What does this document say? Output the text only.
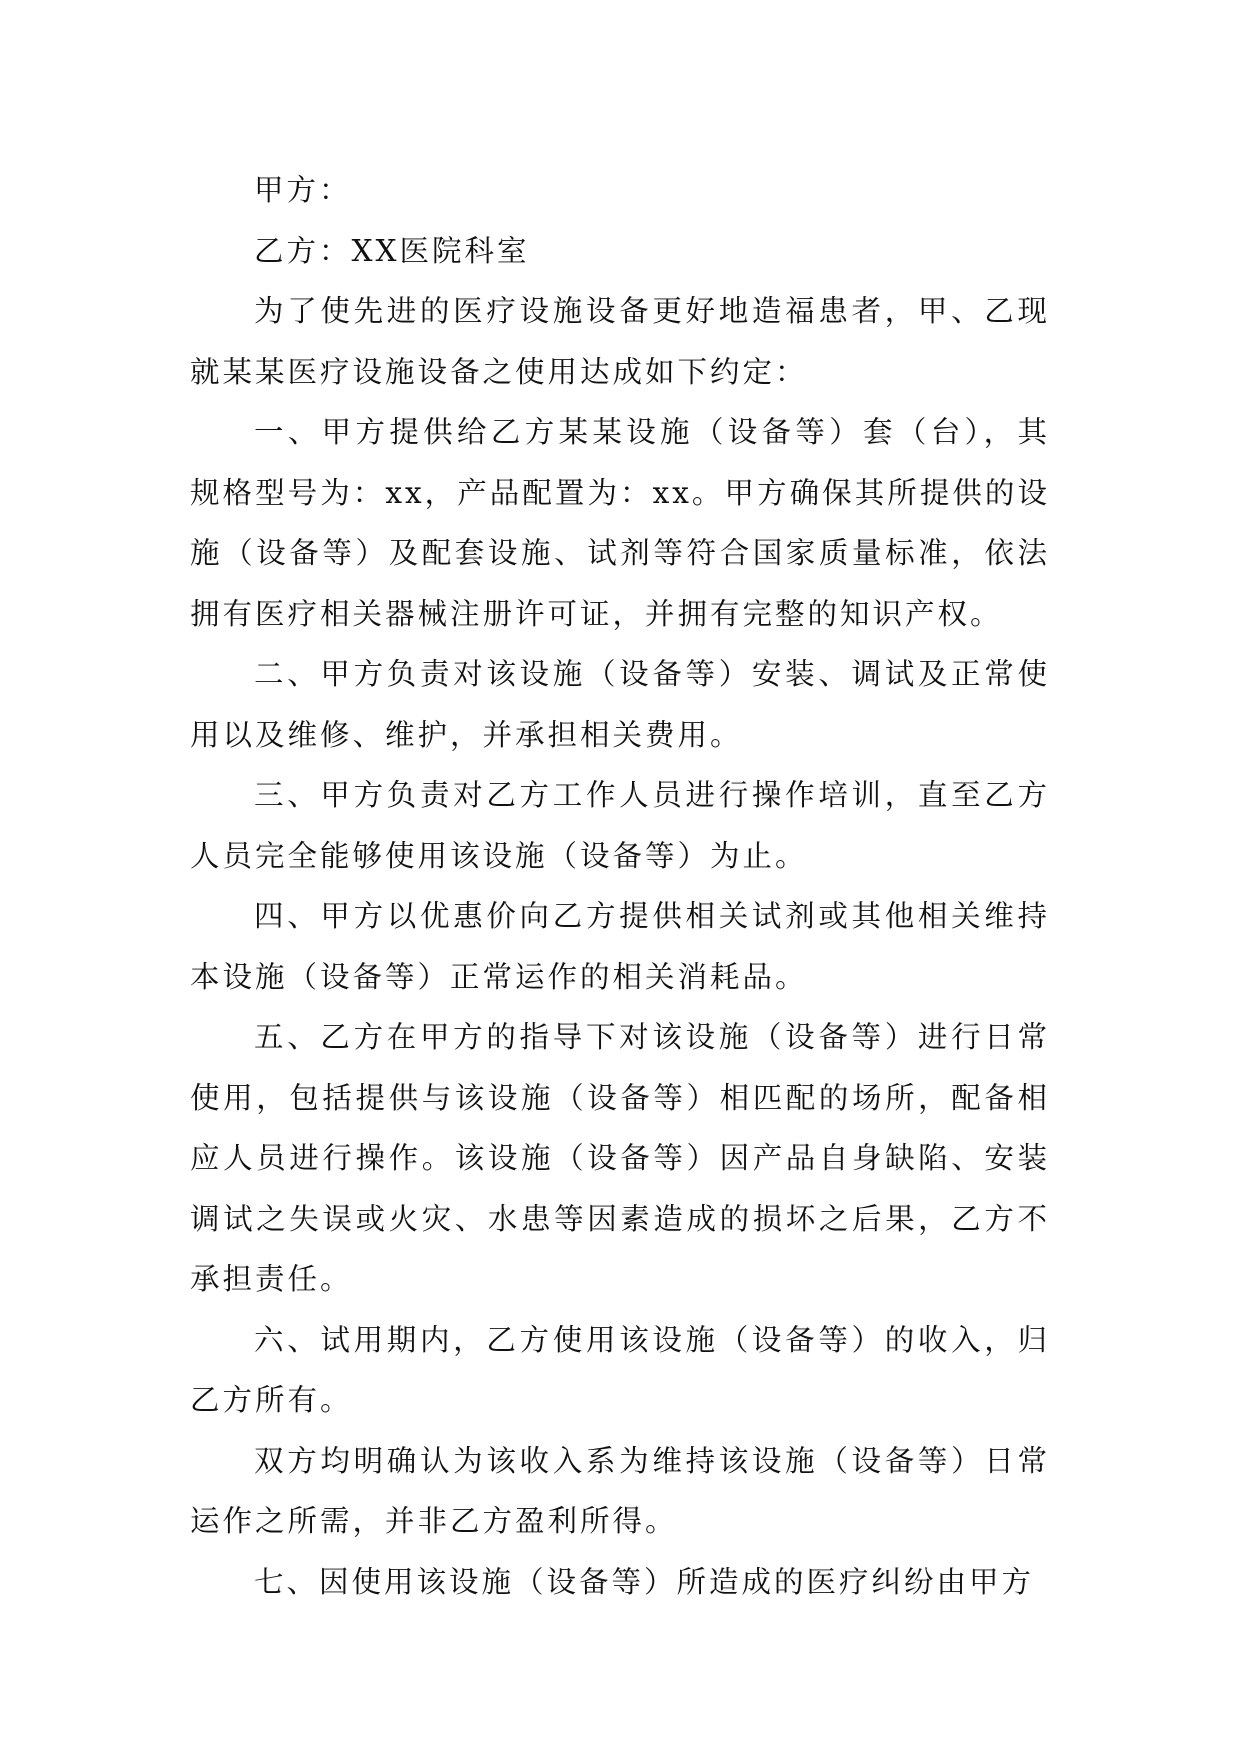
甲方：

乙方：XX医院科室

为了使先进的医疗设施设备更好地造福患者，甲、乙现就某某医疗设施设备之使用达成如下约定：

一、甲方提供给乙方某某设施（设备等）套（台），其规格型号为：xx，产品配置为：xx。甲方确保其所提供的设施（设备等）及配套设施、试剂等符合国家质量标准，依法拥有医疗相关器械注册许可证，并拥有完整的知识产权。

二、甲方负责对该设施（设备等）安装、调试及正常使用以及维修、维护，并承担相关费用。

三、甲方负责对乙方工作人员进行操作培训，直至乙方人员完全能够使用该设施（设备等）为止。

四、甲方以优惠价向乙方提供相关试剂或其他相关维持本设施（设备等）正常运作的相关消耗品。

五、乙方在甲方的指导下对该设施（设备等）进行日常使用，包括提供与该设施（设备等）相匹配的场所，配备相应人员进行操作。该设施（设备等）因产品自身缺陷、安装调试之失误或火灾、水患等因素造成的损坏之后果，乙方不承担责任。

六、试用期内，乙方使用该设施（设备等）的收入，归乙方所有。

双方均明确认为该收入系为维持该设施（设备等）日常运作之所需，并非乙方盈利所得。

七、因使用该设施（设备等）所造成的医疗纠纷由甲方
